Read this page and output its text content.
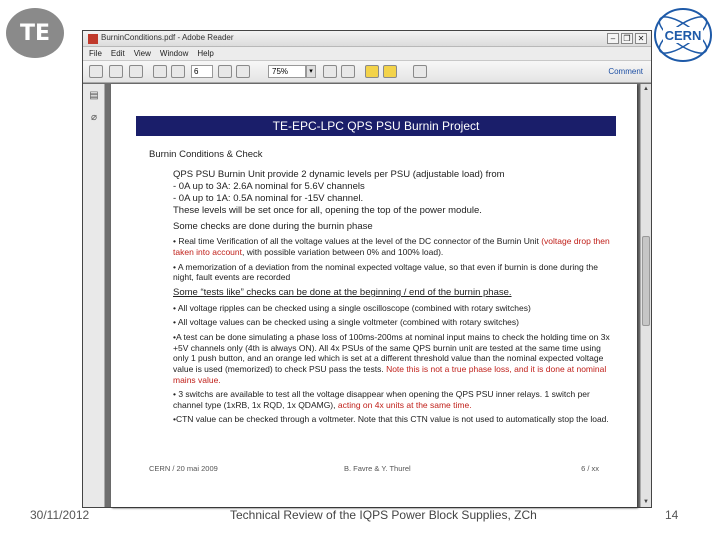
TE	CERN
BurninConditions.pdf - Adobe Reader	–	❐ ✕
File Edit View Window Help
6	75%	▾	Comment
▤
⌀
TE-EPC-LPC QPS PSU Burnin Project
Burnin Conditions & Check

QPS PSU Burnin Unit provide 2 dynamic levels per PSU (adjustable load) from

- 0A up to 3A: 2.6A nominal for 5.6V channels

- 0A up to 1A: 0.5A nominal for -15V channel.

These levels will be set once for all, opening the top of the power module.

Some checks are done during the burnin phase

• Real time Verification of all the voltage values at the level of the DC connector of the Burnin Unit (voltage drop then taken into account, with possible variation between 0% and 100% load).

• A memorization of a deviation from the nominal expected voltage value, so that even if burnin is done during the night, fault events are recorded

Some “tests like” checks can be done at the beginning / end of the burnin phase.

• All voltage ripples can be checked using a single oscilloscope (combined with rotary switches)

• All voltage values can be checked using a single voltmeter (combined with rotary switches)

•A test can be done simulating a phase loss of 100ms-200ms at nominal input mains to check the holding time on 3x +5V channels only (4th is always ON). All 4x PSUs of the same QPS burnin unit are tested at the same time using only 1 push button, and an orange led which is set at a different threshold value than the nominal expected voltage value is used (memorized) to check PSU pass the tests. Note this is not a true phase loss, and it is done at nominal mains value.

• 3 switchs are available to test all the voltage disappear when opening the QPS PSU inner relays. 1 switch per channel type (1xRB, 1x RQD, 1x QDAMG), acting on 4x units at the same time.

•CTN value can be checked through a voltmeter. Note that this CTN value is not used to automatically stop the load.

CERN / 20 mai 2009	B. Favre & Y. Thurel	6 / xx
▲
▼
30/11/2012	Technical Review of the IQPS Power Block Supplies, ZCh	14
